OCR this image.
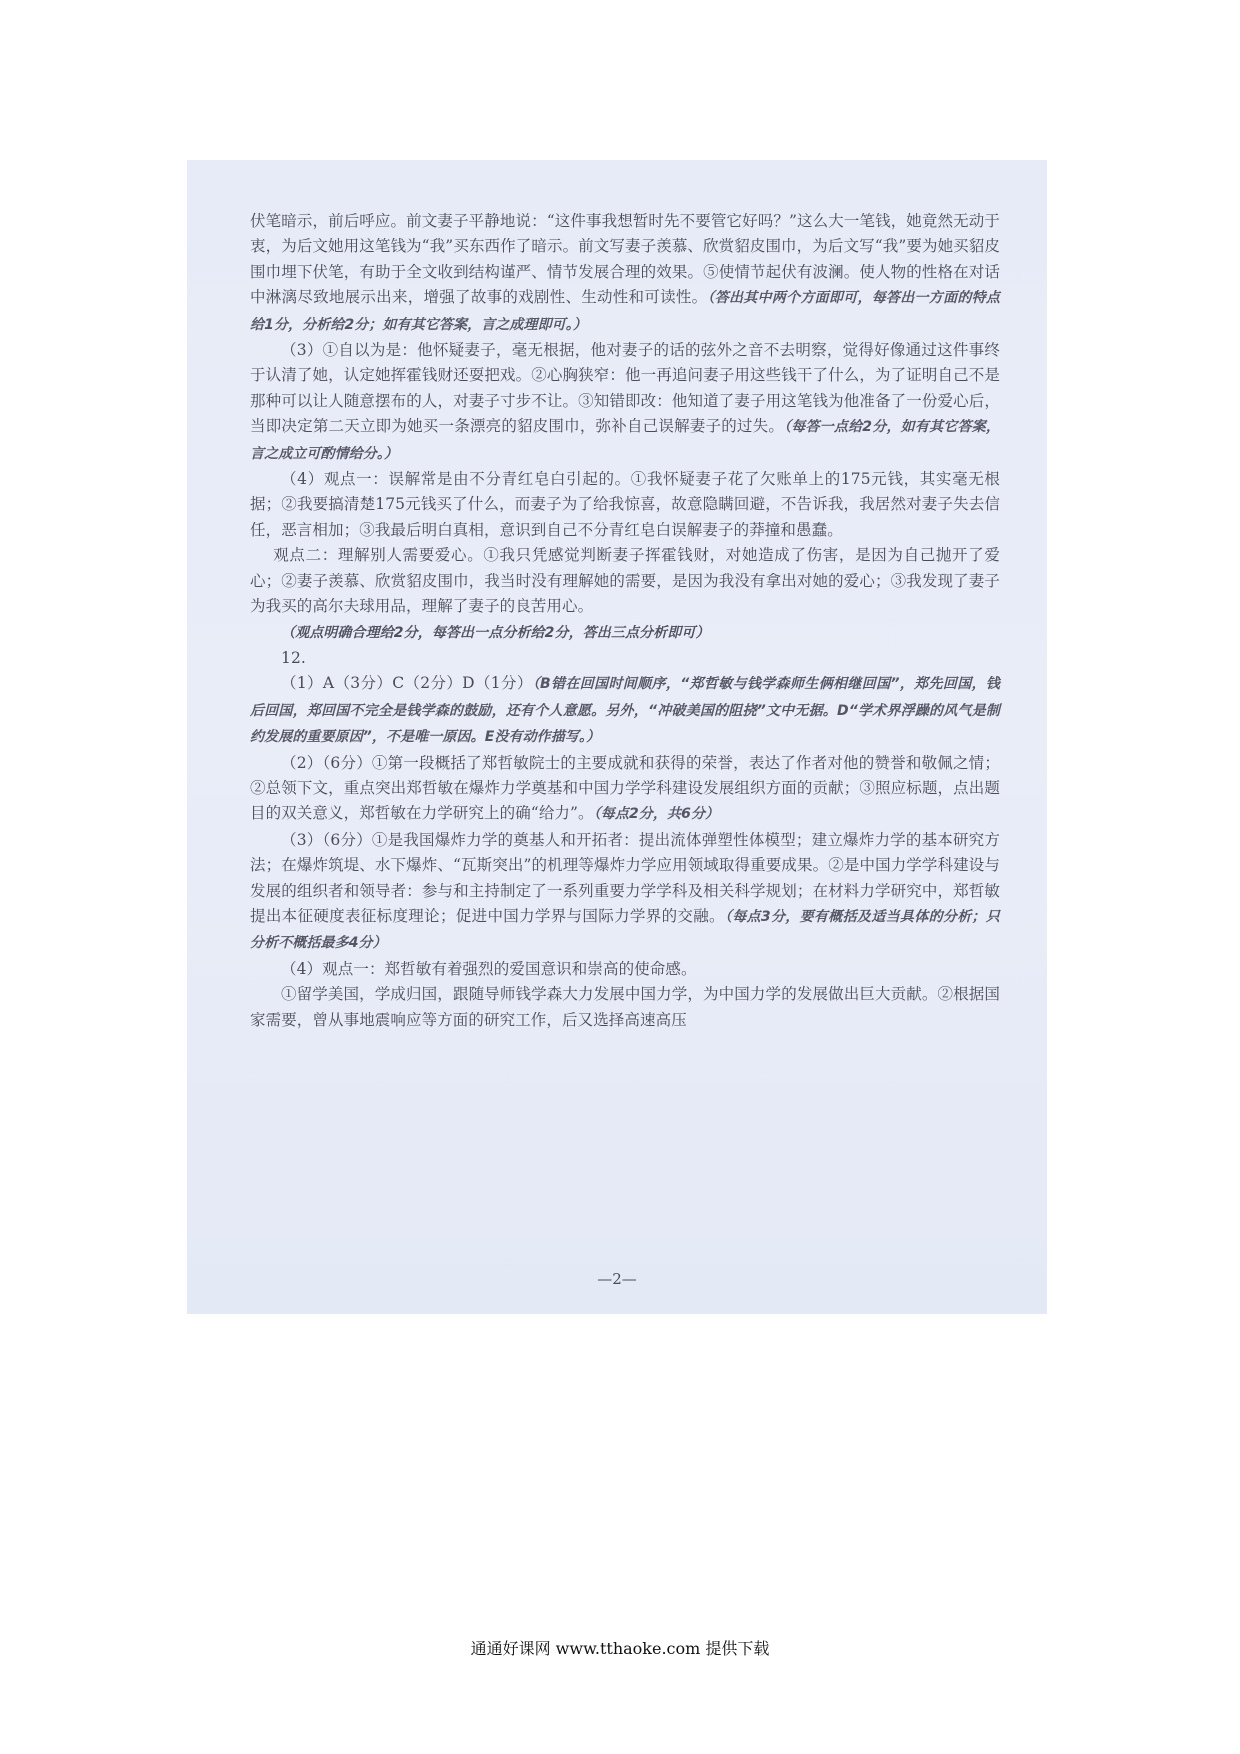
伏笔暗示，前后呼应。前文妻子平静地说：“这件事我想暂时先不要管它好吗？”这么大一笔钱，她竟然无动于衷，为后文她用这笔钱为“我”买东西作了暗示。前文写妻子羡慕、欣赏貂皮围巾，为后文写“我”要为她买貂皮围巾埋下伏笔，有助于全文收到结构谨严、情节发展合理的效果。⑤使情节起伏有波澜。使人物的性格在对话中淋漓尽致地展示出来，增强了故事的戏剧性、生动性和可读性。（答出其中两个方面即可，每答出一方面的特点给1分，分析给2分；如有其它答案，言之成理即可。）

（3）①自以为是：他怀疑妻子，毫无根据，他对妻子的话的弦外之音不去明察，觉得好像通过这件事终于认清了她，认定她挥霍钱财还耍把戏。②心胸狭窄：他一再追问妻子用这些钱干了什么，为了证明自己不是那种可以让人随意摆布的人，对妻子寸步不让。③知错即改：他知道了妻子用这笔钱为他准备了一份爱心后，当即决定第二天立即为她买一条漂亮的貂皮围巾，弥补自己误解妻子的过失。（每答一点给2分，如有其它答案，言之成立可酌情给分。）

（4）观点一：误解常是由不分青红皂白引起的。①我怀疑妻子花了欠账单上的175元钱，其实毫无根据；②我要搞清楚175元钱买了什么，而妻子为了给我惊喜，故意隐瞒回避，不告诉我，我居然对妻子失去信任，恶言相加；③我最后明白真相，意识到自己不分青红皂白误解妻子的莽撞和愚蠢。

观点二：理解别人需要爱心。①我只凭感觉判断妻子挥霍钱财，对她造成了伤害，是因为自己抛开了爱心；②妻子羡慕、欣赏貂皮围巾，我当时没有理解她的需要，是因为我没有拿出对她的爱心；③我发现了妻子为我买的高尔夫球用品，理解了妻子的良苦用心。

（观点明确合理给2分，每答出一点分析给2分，答出三点分析即可）

12.

（1）A（3分）C（2分）D（1分）（B错在回国时间顺序，“郑哲敏与钱学森师生俩相继回国”，郑先回国，钱后回国，郑回国不完全是钱学森的鼓励，还有个人意愿。另外，“冲破美国的阻挠”文中无据。D“学术界浮躁的风气是制约发展的重要原因”，不是唯一原因。E没有动作描写。）

（2）（6分）①第一段概括了郑哲敏院士的主要成就和获得的荣誉，表达了作者对他的赞誉和敬佩之情；②总领下文，重点突出郑哲敏在爆炸力学奠基和中国力学学科建设发展组织方面的贡献；③照应标题，点出题目的双关意义，郑哲敏在力学研究上的确“给力”。（每点2分，共6分）

（3）（6分）①是我国爆炸力学的奠基人和开拓者：提出流体弹塑性体模型；建立爆炸力学的基本研究方法；在爆炸筑堤、水下爆炸、“瓦斯突出”的机理等爆炸力学应用领域取得重要成果。②是中国力学学科建设与发展的组织者和领导者：参与和主持制定了一系列重要力学学科及相关科学规划；在材料力学研究中，郑哲敏提出本征硬度表征标度理论；促进中国力学界与国际力学界的交融。（每点3分，要有概括及适当具体的分析；只分析不概括最多4分）

（4）观点一：郑哲敏有着强烈的爱国意识和崇高的使命感。

①留学美国，学成归国，跟随导师钱学森大力发展中国力学，为中国力学的发展做出巨大贡献。②根据国家需要，曾从事地震响应等方面的研究工作，后又选择高速高压

—2—
通通好课网 www.tthaoke.com 提供下载
